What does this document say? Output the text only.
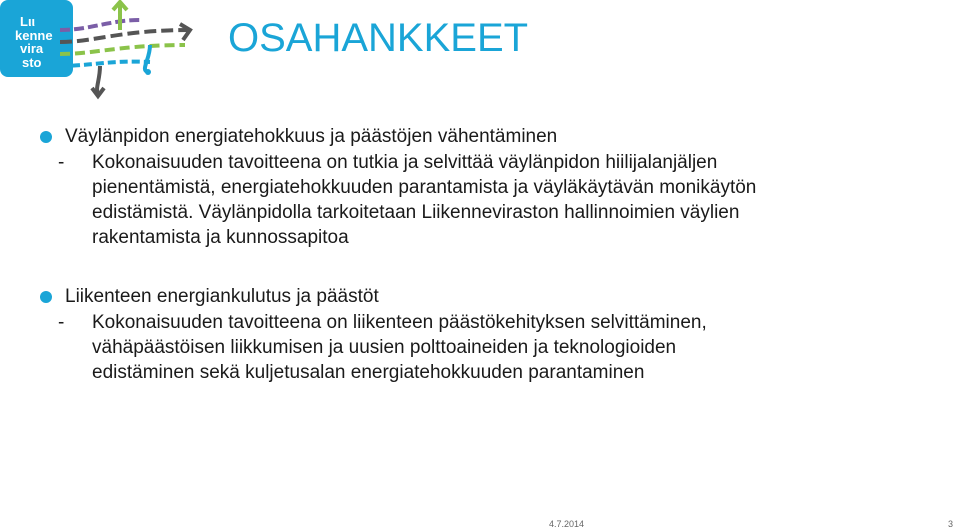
Lιι
kenne
vira
sto
OSAHANKKEET
Väylänpidon energiatehokkuus ja päästöjen vähentäminen
- Kokonaisuuden tavoitteena on tutkia ja selvittää väylänpidon hiilijalanjäljen
pienentämistä, energiatehokkuuden parantamista ja väyläkäytävän monikäytön
edistämistä. Väylänpidolla tarkoitetaan Liikenneviraston hallinnoimien väylien
rakentamista ja kunnossapitoa
Liikenteen energiankulutus ja päästöt
- Kokonaisuuden tavoitteena on liikenteen päästökehityksen selvittäminen,
vähäpäästöisen liikkumisen ja uusien polttoaineiden ja teknologioiden
edistäminen sekä kuljetusalan energiatehokkuuden parantaminen
4.7.2014	3
